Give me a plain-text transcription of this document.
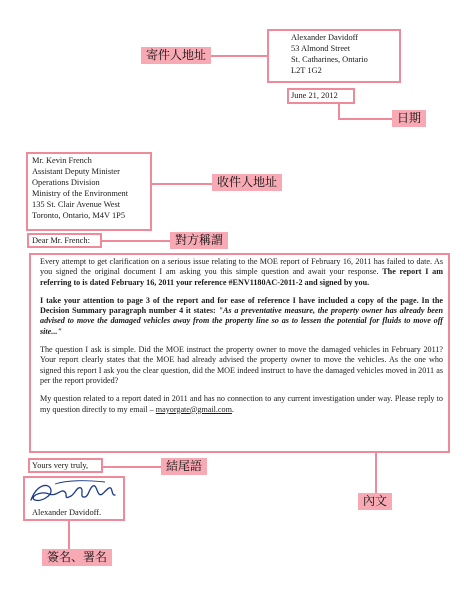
Alexander Davidoff
53 Almond Street
St. Catharines, Ontario
L2T 1G2
寄件人地址
June 21, 2012
日期
Mr. Kevin French
Assistant Deputy Minister
Operations Division
Ministry of the Environment
135 St. Clair Avenue West
Toronto, Ontario, M4V 1P5
收件人地址
Dear Mr. French:	對方稱謂

Every attempt to get clarification on a serious issue relating to the MOE report of February 16, 2011 has failed to date. As you signed the original document I am asking you this simple question and await your response. The report I am referring to is dated February 16, 2011 your reference #ENV1180AC-2011-2 and signed by you.

I take your attention to page 3 of the report and for ease of reference I have included a copy of the page. In the Decision Summary paragraph number 4 it states: "As a preventative measure, the property owner has already been advised to move the damaged vehicles away from the property line so as to lessen the potential for fluids to move off site..."

The question I ask is simple. Did the MOE instruct the property owner to move the damaged vehicles in February 2011? Your report clearly states that the MOE had already advised the property owner to move the vehicles. As the one who signed this report I ask you the clear question, did the MOE indeed instruct to have the damaged vehicles moved in 2011 as per the report provided?

My question related to a report dated in 2011 and has no connection to any current investigation under way. Please reply to my question directly to my email – mayorgate@gmail.com.

內文
Yours very truly,	結尾語
Alexander Davidoff.
簽名、署名
